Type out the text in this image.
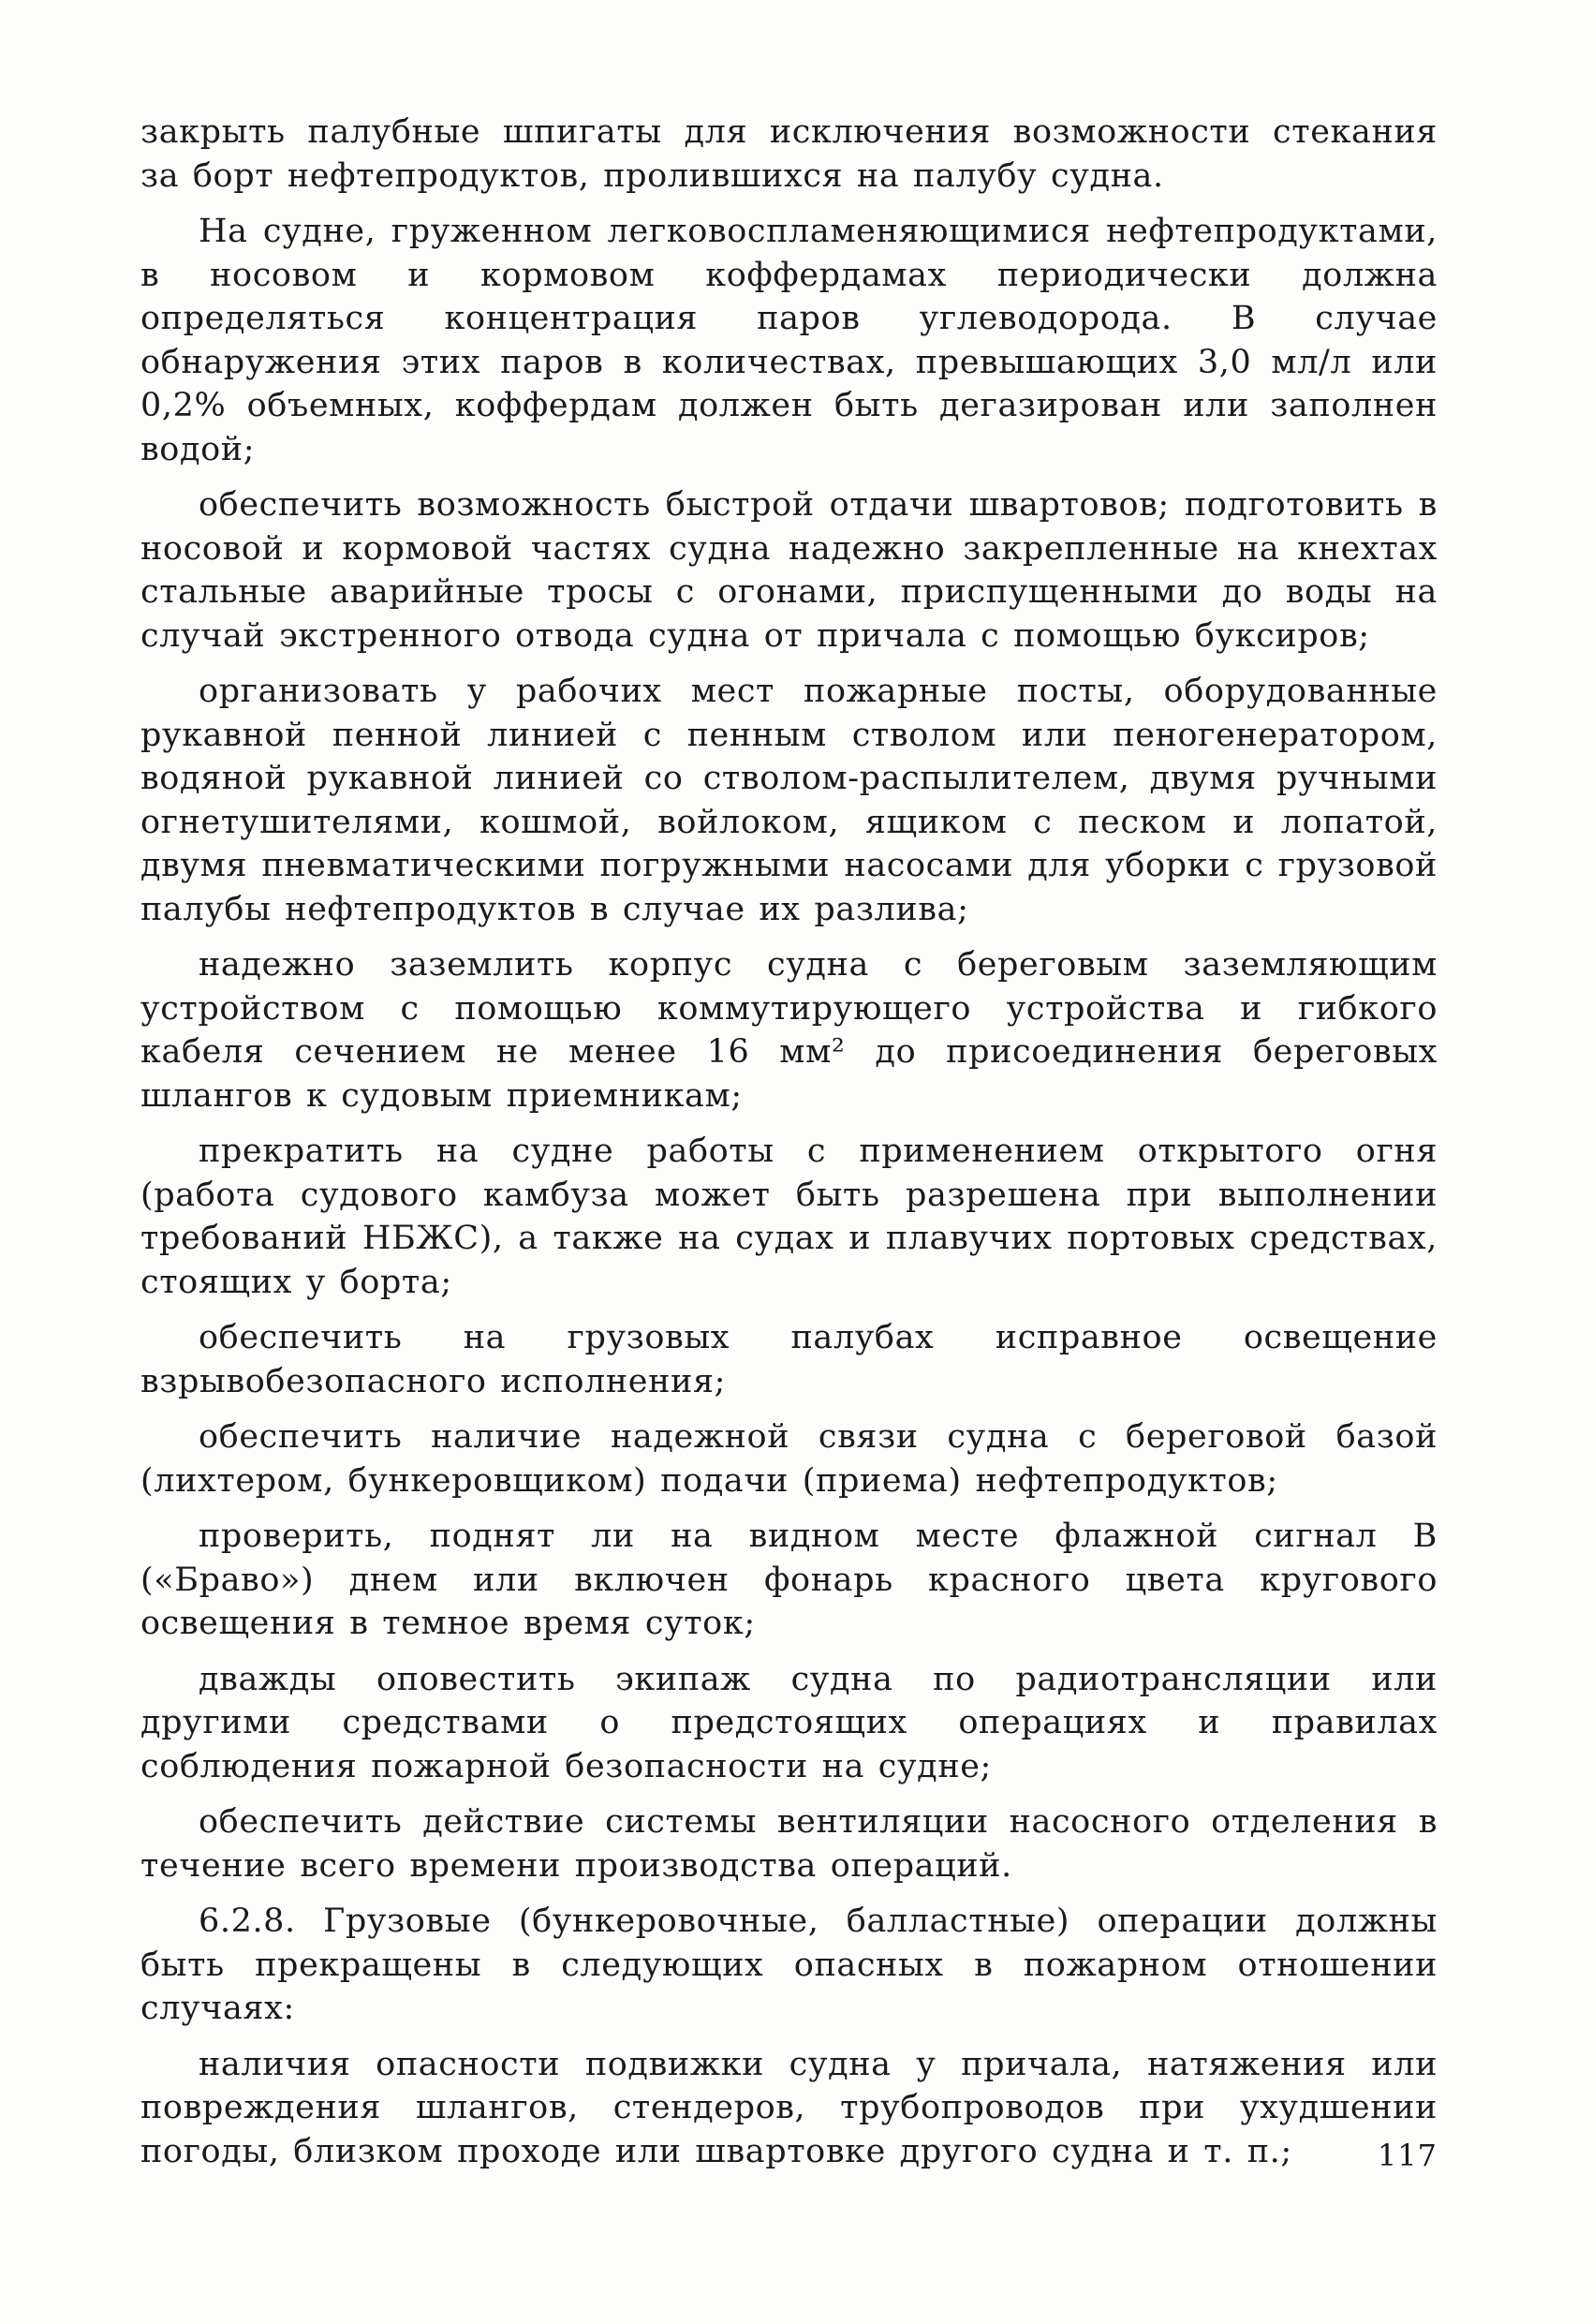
закрыть палубные шпигаты для исключения возможности стекания за борт нефтепродуктов, пролившихся на палубу судна.

На судне, груженном легковоспламеняющимися нефтепродуктами, в носовом и кормовом коффердамах периодически должна определяться концентрация паров углеводорода. В случае обнаружения этих паров в количествах, превышающих 3,0 мл/л или 0,2% объемных, коффердам должен быть дегазирован или заполнен водой;

обеспечить возможность быстрой отдачи швартовов; подготовить в носовой и кормовой частях судна надежно закрепленные на кнехтах стальные аварийные тросы с огонами, приспущенными до воды на случай экстренного отвода судна от причала с помощью буксиров;

организовать у рабочих мест пожарные посты, оборудованные рукавной пенной линией с пенным стволом или пеногенератором, водяной рукавной линией со стволом-распылителем, двумя ручными огнетушителями, кошмой, войлоком, ящиком с песком и лопатой, двумя пневматическими погружными насосами для уборки с грузовой палубы нефтепродуктов в случае их разлива;

надежно заземлить корпус судна с береговым заземляющим устройством с помощью коммутирующего устройства и гибкого кабеля сечением не менее 16 мм² до присоединения береговых шлангов к судовым приемникам;

прекратить на судне работы с применением открытого огня (работа судового камбуза может быть разрешена при выполнении требований НБЖС), а также на судах и плавучих портовых средствах, стоящих у борта;

обеспечить на грузовых палубах исправное освещение взрывобезопасного исполнения;

обеспечить наличие надежной связи судна с береговой базой (лихтером, бункеровщиком) подачи (приема) нефтепродуктов;

проверить, поднят ли на видном месте флажной сигнал В («Браво») днем или включен фонарь красного цвета кругового освещения в темное время суток;

дважды оповестить экипаж судна по радиотрансляции или другими средствами о предстоящих операциях и правилах соблюдения пожарной безопасности на судне;

обеспечить действие системы вентиляции насосного отделения в течение всего времени производства операций.

6.2.8. Грузовые (бункеровочные, балластные) операции должны быть прекращены в следующих опасных в пожарном отношении случаях:

наличия опасности подвижки судна у причала, натяжения или повреждения шлангов, стендеров, трубопроводов при ухудшении погоды, близком проходе или швартовке другого судна и т. п.;	117
